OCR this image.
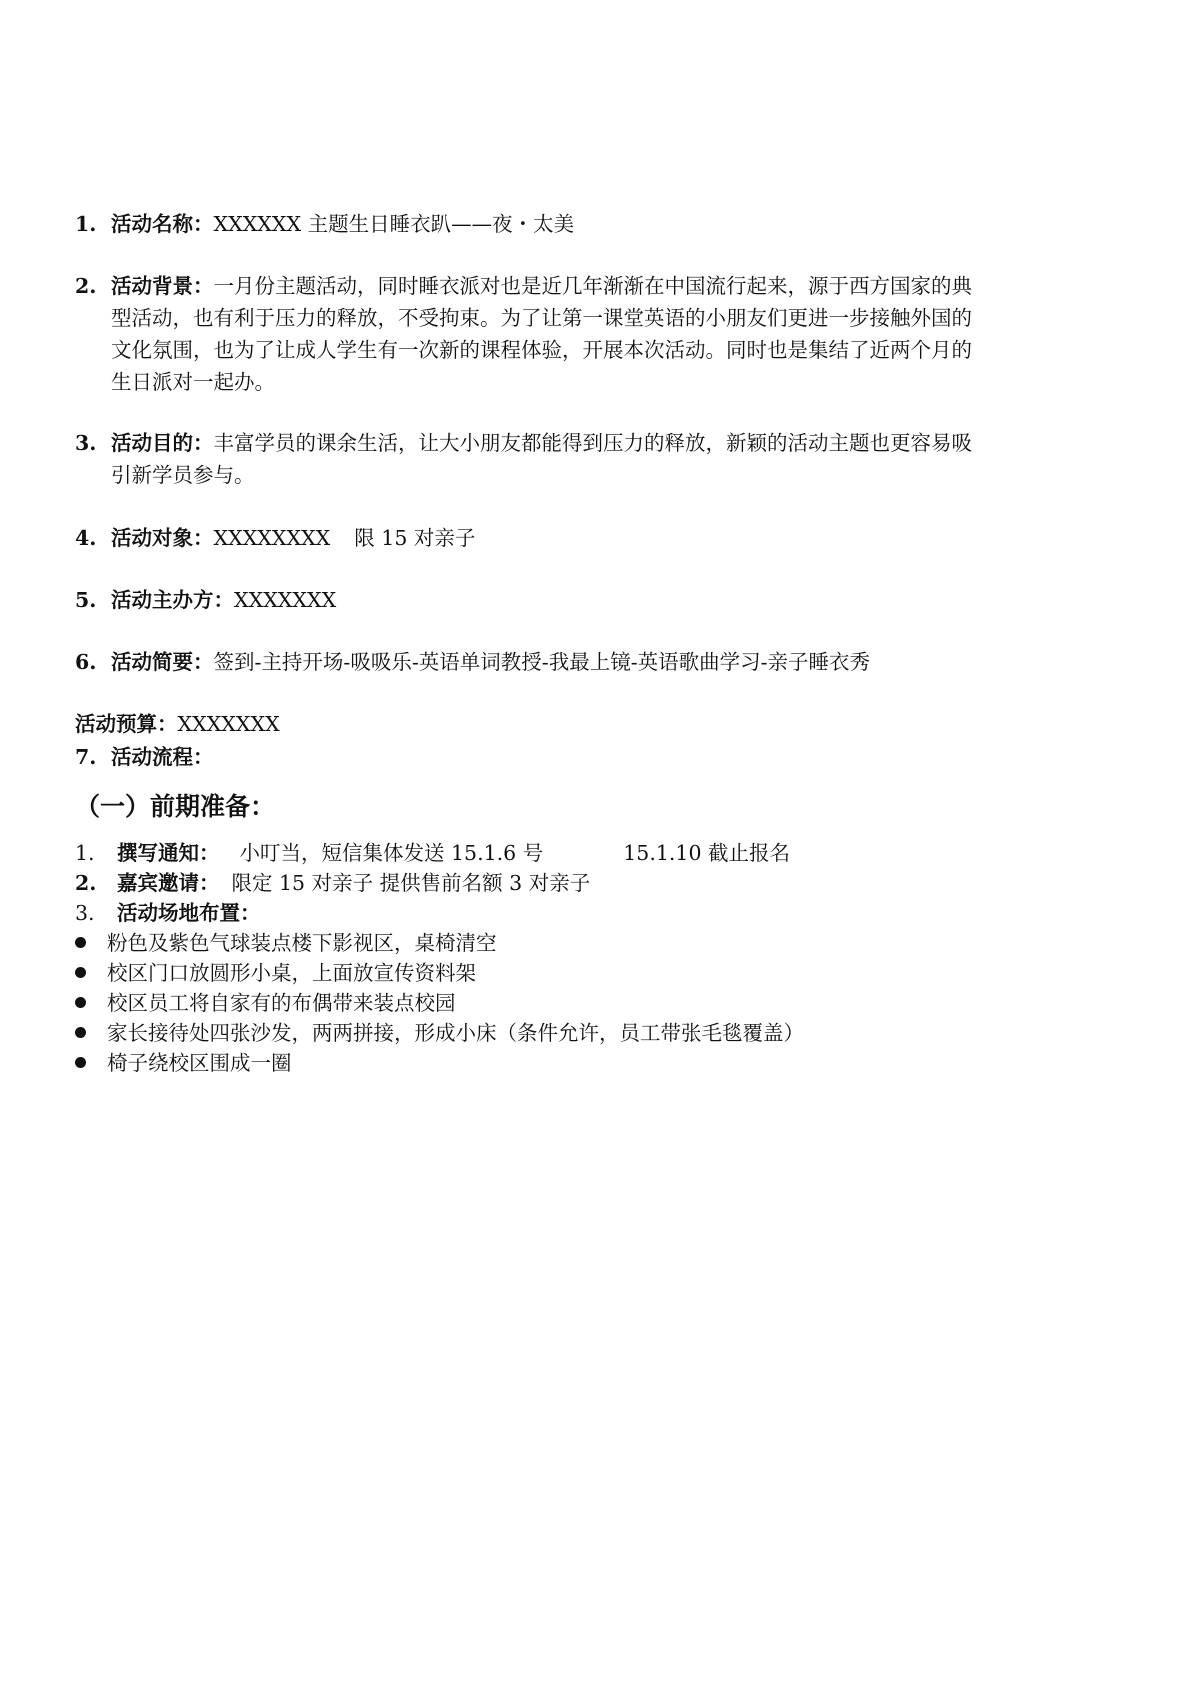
1. 活动名称：XXXXXX 主题生日睡衣趴——夜・太美
2. 活动背景：一月份主题活动，同时睡衣派对也是近几年渐渐在中国流行起来，源于西方国家的典
型活动，也有利于压力的释放，不受拘束。为了让第一课堂英语的小朋友们更进一步接触外国的
文化氛围，也为了让成人学生有一次新的课程体验，开展本次活动。同时也是集结了近两个月的
生日派对一起办。
3. 活动目的：丰富学员的课余生活，让大小朋友都能得到压力的释放，新颖的活动主题也更容易吸
引新学员参与。
4. 活动对象：XXXXXXXX 限 15 对亲子
5. 活动主办方：XXXXXXX
6. 活动简要：签到-主持开场-吸吸乐-英语单词教授-我最上镜-英语歌曲学习-亲子睡衣秀
活动预算：XXXXXXX
7. 活动流程：
（一）前期准备：
1. 撰写通知： 小叮当，短信集体发送 15.1.6 号	15.1.10 截止报名
2. 嘉宾邀请： 限定 15 对亲子 提供售前名额 3 对亲子
3. 活动场地布置：
粉色及紫色气球装点楼下影视区，桌椅清空
校区门口放圆形小桌，上面放宣传资料架
校区员工将自家有的布偶带来装点校园
家长接待处四张沙发，两两拼接，形成小床（条件允许，员工带张毛毯覆盖）
椅子绕校区围成一圈
